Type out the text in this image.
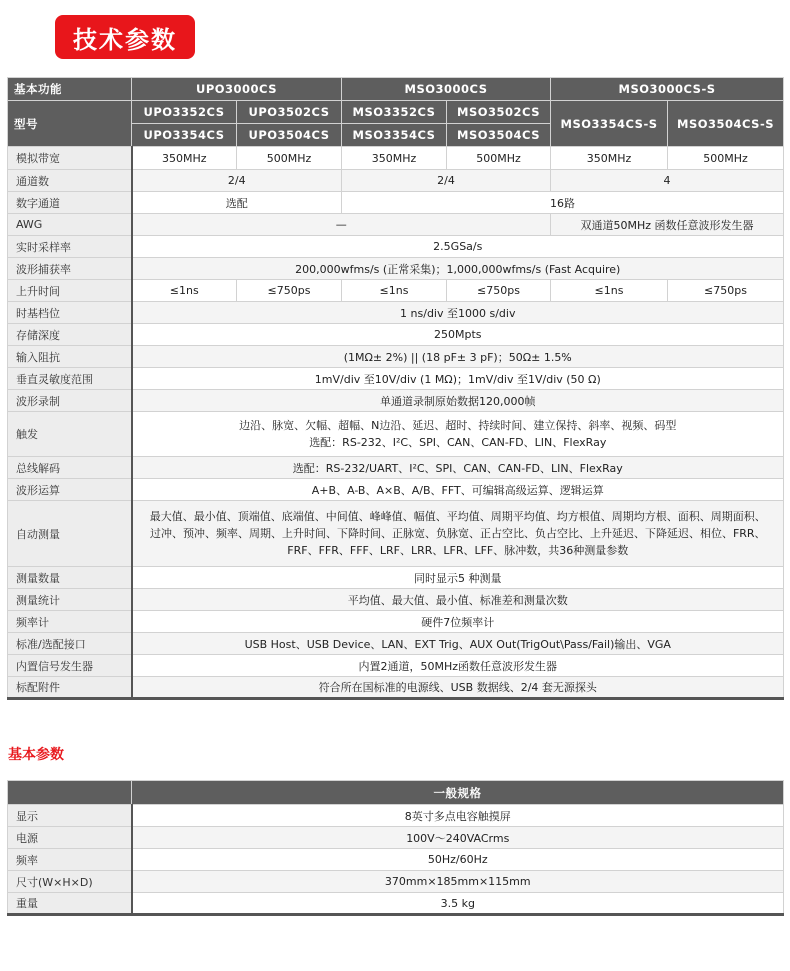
技术参数
基本功能	UPO3000CS		MSO3000CS		MSO3000CS-S	
型号	UPO3352CS	UPO3502CS	MSO3352CS	MSO3502CS	MSO3354CS-S	MSO3504CS-S
	UPO3354CS	UPO3504CS	MSO3354CS	MSO3504CS		
模拟带宽	350MHz	500MHz	350MHz	500MHz	350MHz	500MHz
通道数	2/4		2/4		4	
数字通道	选配		16路			
AWG	—				双通道50MHz 函数任意波形发生器	
实时采样率	2.5GSa/s					
波形捕获率	200,000wfms/s (正常采集)；1,000,000wfms/s (Fast Acquire)					
上升时间	≤1ns	≤750ps	≤1ns	≤750ps	≤1ns	≤750ps
时基档位	1 ns/div 至1000 s/div					
存储深度	250Mpts					
输入阻抗	(1MΩ± 2%) || (18 pF± 3 pF)；50Ω± 1.5%					
垂直灵敏度范围	1mV/div 至10V/div (1 MΩ)；1mV/div 至1V/div (50 Ω)					
波形录制	单通道录制原始数据120,000帧					
触发	边沿、脉宽、欠幅、超幅、N边沿、延迟、超时、持续时间、建立保持、斜率、视频、码型
选配：RS-232、I²C、SPI、CAN、CAN-FD、LIN、FlexRay					

总线解码	选配：RS-232/UART、I²C、SPI、CAN、CAN-FD、LIN、FlexRay					
波形运算	A+B、A-B、A×B、A/B、FFT、可编辑高级运算、逻辑运算					
自动测量	最大值、最小值、顶端值、底端值、中间值、峰峰值、幅值、平均值、周期平均值、均方根值、周期均方根、面积、周期面积、
过冲、预冲、频率、周期、上升时间、下降时间、正脉宽、负脉宽、正占空比、负占空比、上升延迟、下降延迟、相位、FRR、
FRF、FFR、FFF、LRF、LRR、LFR、LFF、脉冲数，共36种测量参数					

测量数量	同时显示5 种测量					
测量统计	平均值、最大值、最小值、标准差和测量次数					
频率计	硬件7位频率计					
标准/选配接口	USB Host、USB Device、LAN、EXT Trig、AUX Out(TrigOut\Pass/Fail)输出、VGA					
内置信号发生器	内置2通道，50MHz函数任意波形发生器					
标配附件	符合所在国标准的电源线、USB 数据线、2/4 套无源探头					
基本参数
	一般规格
显示	8英寸多点电容触摸屏
电源	100V～240VACrms
频率	50Hz/60Hz
尺寸(W×H×D)	370mm×185mm×115mm
重量	3.5 kg
